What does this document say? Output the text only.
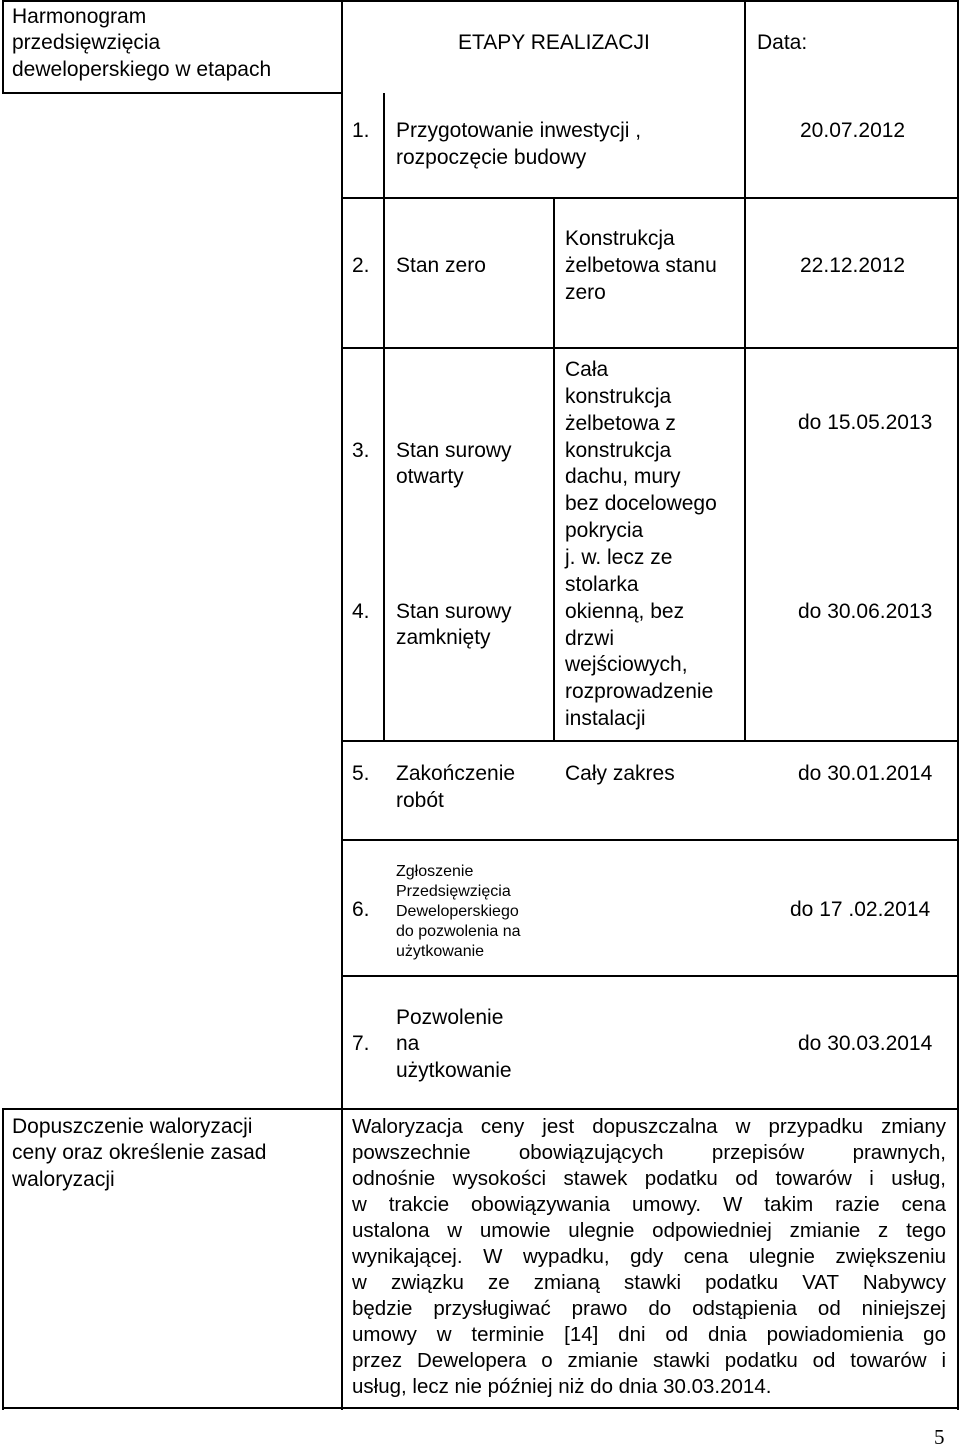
Harmonogram
przedsięwzięcia
deweloperskiego w etapach
ETAPY REALIZACJI	Data:
1. Przygotowanie inwestycji ,
rozpoczęcie budowy
20.07.2012
2. Stan zero
Konstrukcja
żelbetowa stanu
zero
22.12.2012
3. Stan surowy
otwarty
do 15.05.2013
4. Stan surowy
zamknięty
do 30.06.2013
Cała
konstrukcja
żelbetowa z
konstrukcja
dachu, mury
bez docelowego
pokrycia
j. w. lecz ze
stolarka
okienną, bez
drzwi
wejściowych,
rozprowadzenie
instalacji
5. Zakończenie
robót
Cały zakres	do 30.01.2014
6.
Zgłoszenie
Przedsięwzięcia
Deweloperskiego
do pozwolenia na
użytkowanie
do 17 .02.2014
7.
Pozwolenie
na
użytkowanie
do 30.03.2014
Dopuszczenie waloryzacji
ceny oraz określenie zasad
waloryzacji
Waloryzacja ceny jest dopuszczalna w przypadku zmiany
powszechnie obowiązujących przepisów prawnych,
odnośnie wysokości stawek podatku od towarów i usług,
w trakcie obowiązywania umowy. W takim razie cena
ustalona w umowie ulegnie odpowiedniej zmianie z tego
wynikającej. W wypadku, gdy cena ulegnie zwiększeniu
w związku ze zmianą stawki podatku VAT Nabywcy
będzie przysługiwać prawo do odstąpienia od niniejszej
umowy w terminie [14] dni od dnia powiadomienia go
przez Dewelopera o zmianie stawki podatku od towarów i
usług, lecz nie później niż do dnia 30.03.2014.
5
